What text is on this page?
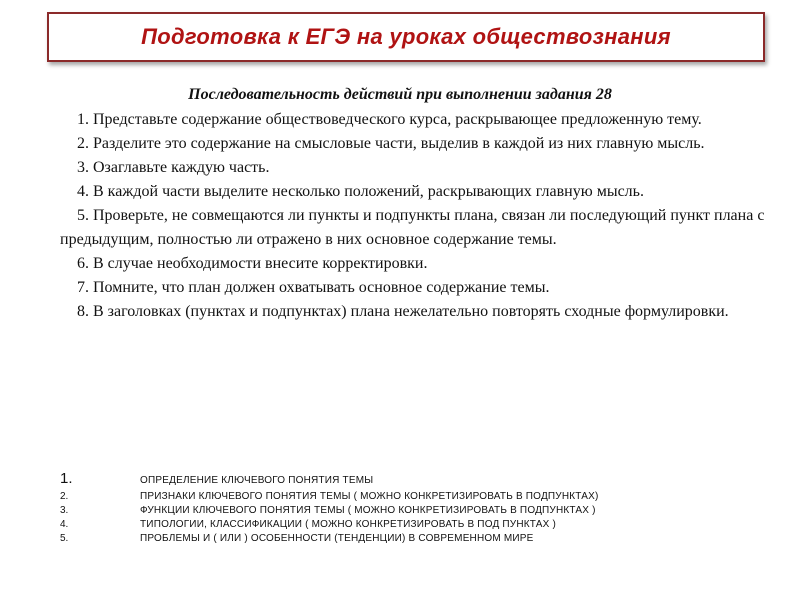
Подготовка к ЕГЭ на уроках обществознания
Последовательность действий при выполнении задания 28

1. Представьте содержание обществоведческого курса, раскрывающее предложенную тему.

2. Разделите это содержание на смысловые части, выделив в каждой из них главную мысль.

3. Озаглавьте каждую часть.

4. В каждой части выделите несколько положений, раскрывающих главную мысль.

5. Проверьте, не совмещаются ли пункты и подпункты плана, связан ли последующий пункт плана с предыдущим, полностью ли отражено в них основное содержание темы.

6. В случае необходимости внесите корректировки.

7. Помните, что план должен охватывать основное содержание темы.

8. В заголовках (пунктах и подпунктах) плана нежелательно повторять сходные формулировки.

1.	ОПРЕДЕЛЕНИЕ КЛЮЧЕВОГО ПОНЯТИЯ ТЕМЫ
2.	ПРИЗНАКИ КЛЮЧЕВОГО ПОНЯТИЯ ТЕМЫ ( МОЖНО КОНКРЕТИЗИРОВАТЬ В ПОДПУНКТАХ)
3.	ФУНКЦИИ КЛЮЧЕВОГО ПОНЯТИЯ ТЕМЫ ( МОЖНО КОНКРЕТИЗИРОВАТЬ В ПОДПУНКТАХ )
4.	ТИПОЛОГИИ, КЛАССИФИКАЦИИ ( МОЖНО КОНКРЕТИЗИРОВАТЬ В ПОД ПУНКТАХ )
5.	ПРОБЛЕМЫ И ( ИЛИ ) ОСОБЕННОСТИ (ТЕНДЕНЦИИ) В СОВРЕМЕННОМ МИРЕ
